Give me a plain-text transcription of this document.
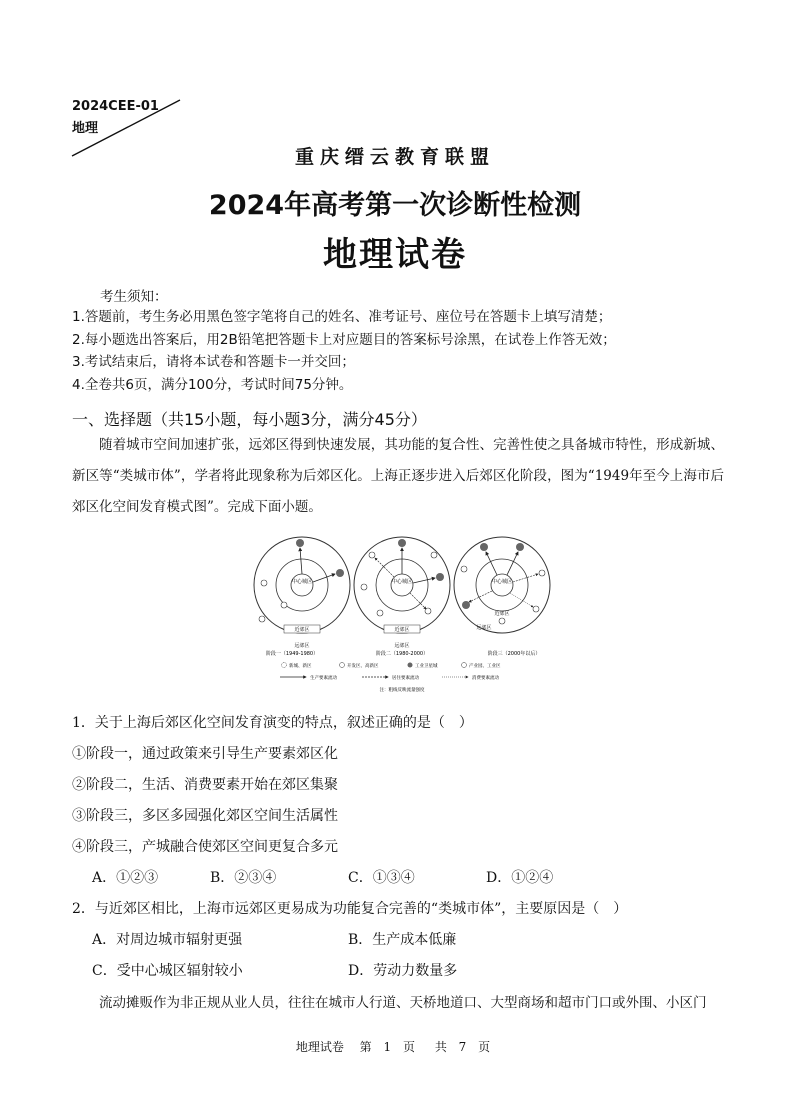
2024CEE-01
地理
重庆缙云教育联盟
2024年高考第一次诊断性检测
地理试卷
考生须知：
1.答题前，考生务必用黑色签字笔将自己的姓名、准考证号、座位号在答题卡上填写清楚；
2.每小题选出答案后，用2B铅笔把答题卡上对应题目的答案标号涂黑，在试卷上作答无效；
3.考试结束后，请将本试卷和答题卡一并交回；
4.全卷共6页，满分100分，考试时间75分钟。
一、选择题（共15小题，每小题3分，满分45分）
随着城市空间加速扩张，远郊区得到快速发展，其功能的复合性、完善性使之具备城市特性，形成新城、新区等“类城市体”，学者将此现象称为后郊区化。上海正逐步进入后郊区化阶段，图为“1949年至今上海市后郊区化空间发育模式图”。完成下面小题。
中心城区
近郊区
远郊区
中心城区
近郊区
远郊区
中心城区
近郊区
远郊区
阶段一（1949-1980）	阶段二（1980-2000）	阶段三（2000年以后）
新城、新区	开发区、高新区	工业卫星城	产业园、工业区
生产要素流动	居住要素流动	消费要素流动
注：粗线反映流量强度
1．关于上海后郊区化空间发育演变的特点，叙述正确的是（　）
①阶段一，通过政策来引导生产要素郊区化
②阶段二，生活、消费要素开始在郊区集聚
③阶段三，多区多园强化郊区空间生活属性
④阶段三，产城融合使郊区空间更复合多元
A．①②③	B．②③④	C．①③④	D．①②④
2．与近郊区相比，上海市远郊区更易成为功能复合完善的“类城市体”，主要原因是（　）
A．对周边城市辐射更强	B．生产成本低廉
C．受中心城区辐射较小	D．劳动力数量多
流动摊贩作为非正规从业人员，往往在城市人行道、天桥地道口、大型商场和超市门口或外围、小区门
地理试卷 第 1 页 共 7 页
